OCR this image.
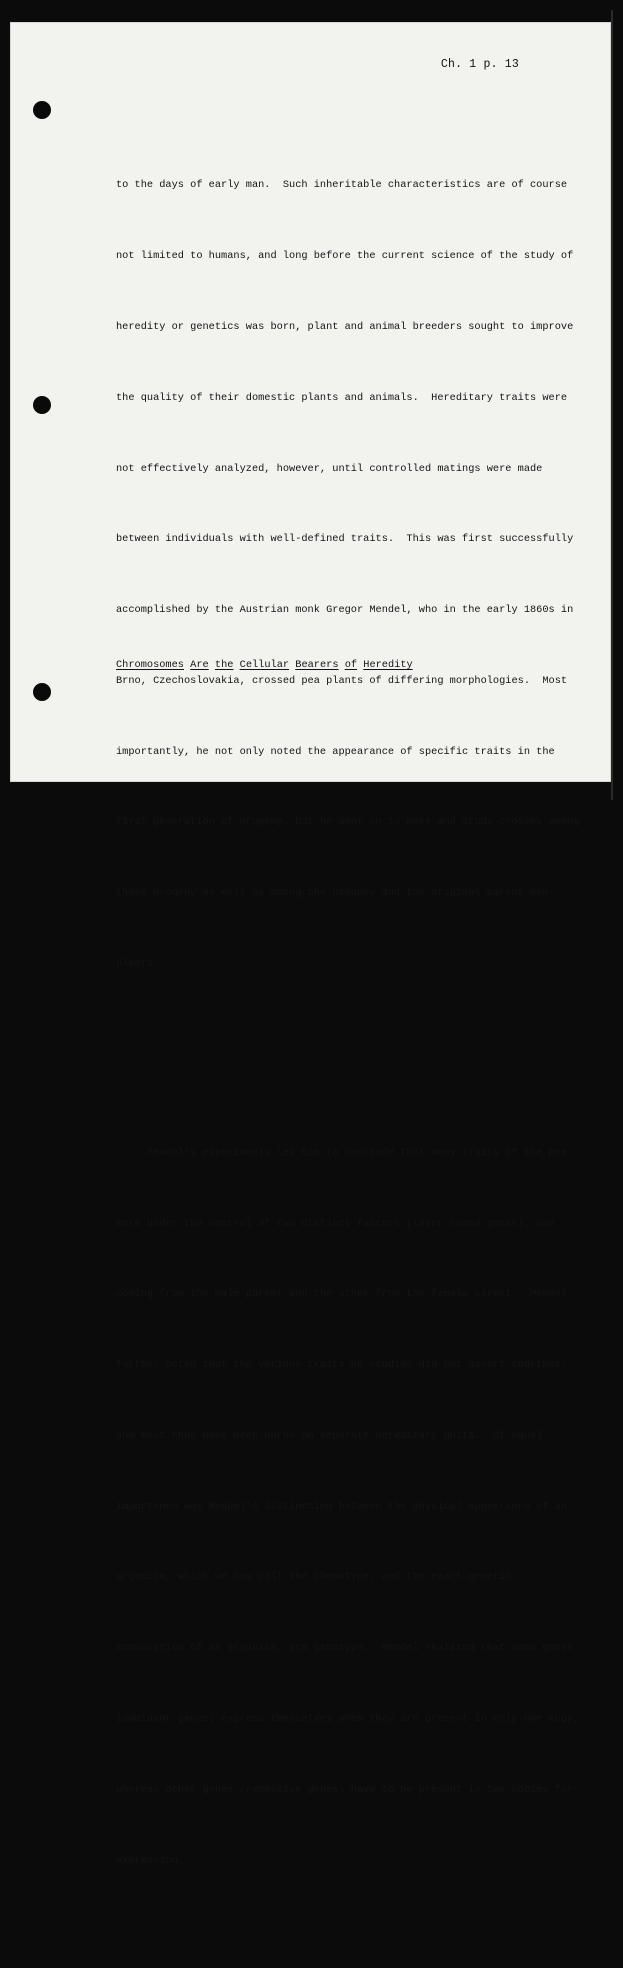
Ch. 1 p. 13

to the days of early man.  Such inheritable characteristics are of course

not limited to humans, and long before the current science of the study of

heredity or genetics was born, plant and animal breeders sought to improve

the quality of their domestic plants and animals.  Hereditary traits were

not effectively analyzed, however, until controlled matings were made

between individuals with well-defined traits.  This was first successfully

accomplished by the Austrian monk Gregor Mendel, who in the early 1860s in

Brno, Czechoslovakia, crossed pea plants of differing morphologies.  Most

importantly, he not only noted the appearance of specific traits in the

first generation of progeny, but he went on to make and study crosses among

these progeny as well as among the progeny and the original parent pea

plants.

Mendel's experiments led him to conclude that many traits of the pea

were under the control of two distinct factors (later named genes), one

coming from the male parent and the other from the female parent.  Mendel

further noted that the various traits he studies did not assort together,

and must thus have been borne on separate hereditary units.  Of equal

importance was Mendel's distinction between the physical appearance of an

organism, which we now call the phenotype, and the exact genetic

composition of an organism, its genotype.  Mendel realized that some genes

(dominant genes) express themselves when they are present in only one copy,

whereas other genes (recessive genes) have to be present in two copies for

expression.

Chromosomes Are the Cellular Bearers of Heredity
